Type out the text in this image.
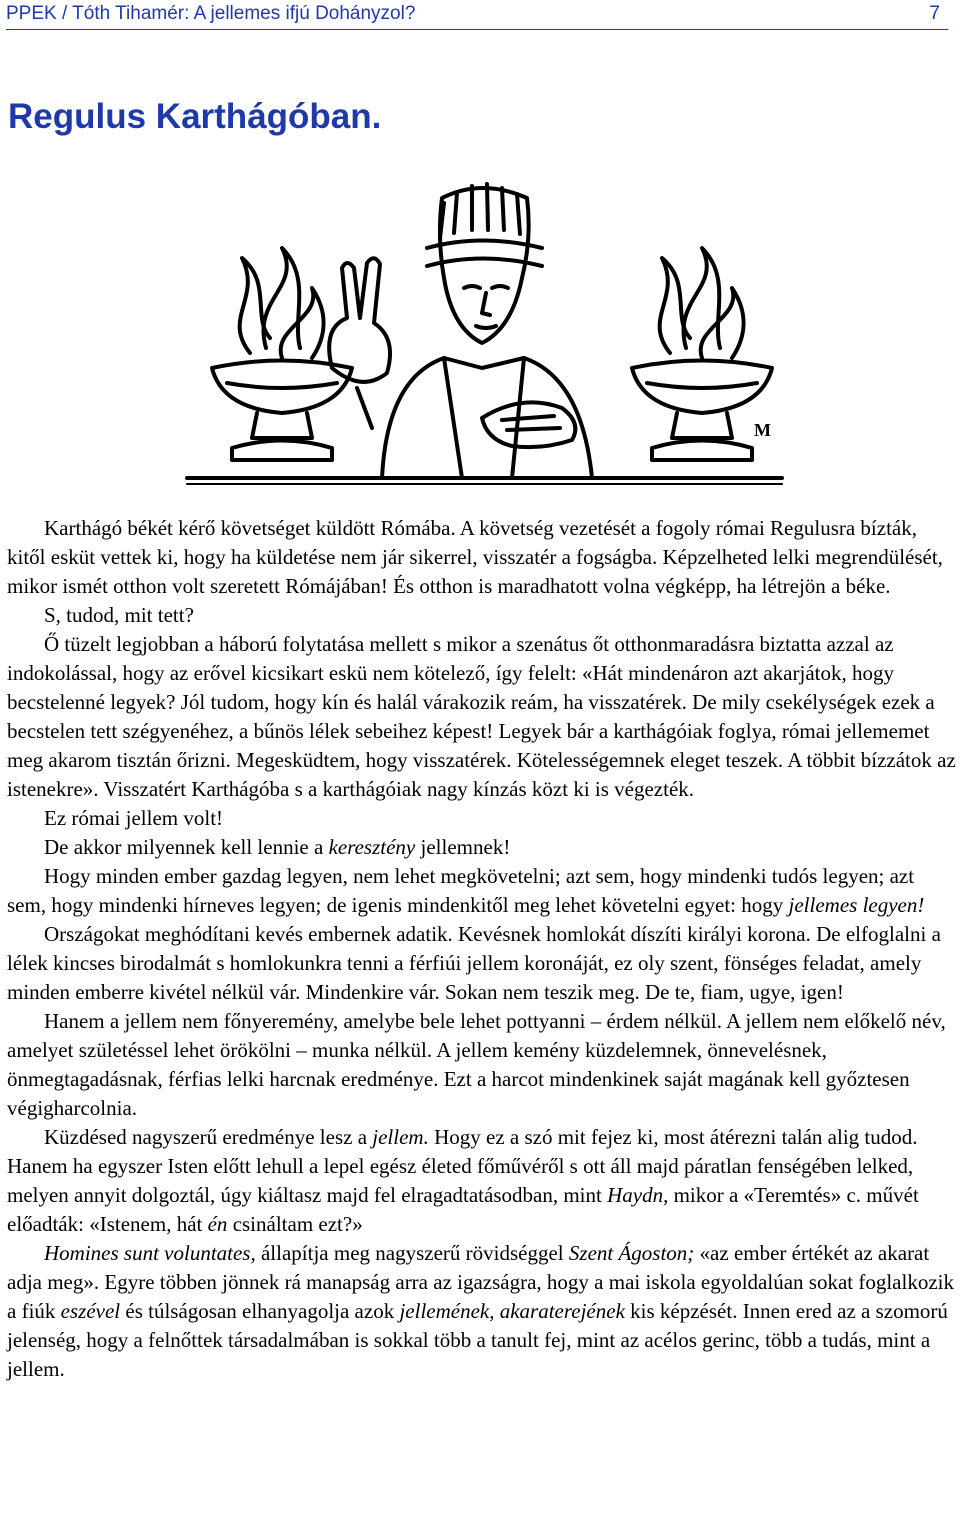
PPEK / Tóth Tihamér: A jellemes ifjú Dohányzol?	7
Regulus Karthágóban.
M

Karthágó békét kérő követséget küldött Rómába. A követség vezetését a fogoly római Regulusra bízták, kitől esküt vettek ki, hogy ha küldetése nem jár sikerrel, visszatér a fogságba. Képzelheted lelki megrendülését, mikor ismét otthon volt szeretett Rómájában! És otthon is maradhatott volna végképp, ha létrejön a béke.

S, tudod, mit tett?

Ő tüzelt legjobban a háború folytatása mellett s mikor a szenátus őt otthonmaradásra biztatta azzal az indokolással, hogy az erővel kicsikart eskü nem kötelező, így felelt: «Hát mindenáron azt akarjátok, hogy becstelenné legyek? Jól tudom, hogy kín és halál várakozik reám, ha visszatérek. De mily csekélységek ezek a becstelen tett szégyenéhez, a bűnös lélek sebeihez képest! Legyek bár a karthágóiak foglya, római jellememet meg akarom tisztán őrizni. Megesküdtem, hogy visszatérek. Kötelességemnek eleget teszek. A többit bízzátok az istenekre». Visszatért Karthágóba s a karthágóiak nagy kínzás közt ki is végezték.

Ez római jellem volt!

De akkor milyennek kell lennie a keresztény jellemnek!

Hogy minden ember gazdag legyen, nem lehet megkövetelni; azt sem, hogy mindenki tudós legyen; azt sem, hogy mindenki hírneves legyen; de igenis mindenkitől meg lehet követelni egyet: hogy jellemes legyen!

Országokat meghódítani kevés embernek adatik. Kevésnek homlokát díszíti királyi korona. De elfoglalni a lélek kincses birodalmát s homlokunkra tenni a férfiúi jellem koronáját, ez oly szent, fönséges feladat, amely minden emberre kivétel nélkül vár. Mindenkire vár. Sokan nem teszik meg. De te, fiam, ugye, igen!

Hanem a jellem nem főnyeremény, amelybe bele lehet pottyanni – érdem nélkül. A jellem nem előkelő név, amelyet születéssel lehet örökölni – munka nélkül. A jellem kemény küzdelemnek, önnevelésnek, önmegtagadásnak, férfias lelki harcnak eredménye. Ezt a harcot mindenkinek saját magának kell győztesen végigharcolnia.

Küzdésed nagyszerű eredménye lesz a jellem. Hogy ez a szó mit fejez ki, most átérezni talán alig tudod. Hanem ha egyszer Isten előtt lehull a lepel egész életed főművéről s ott áll majd páratlan fenségében lelked, melyen annyit dolgoztál, úgy kiáltasz majd fel elragadtatásodban, mint Haydn, mikor a «Teremtés» c. művét előadták: «Istenem, hát én csináltam ezt?»

Homines sunt voluntates, állapítja meg nagyszerű rövidséggel Szent Ágoston; «az ember értékét az akarat adja meg». Egyre többen jönnek rá manapság arra az igazságra, hogy a mai iskola egyoldalúan sokat foglalkozik a fiúk eszével és túlságosan elhanyagolja azok jellemének, akaraterejének kis képzését. Innen ered az a szomorú jelenség, hogy a felnőttek társadalmában is sokkal több a tanult fej, mint az acélos gerinc, több a tudás, mint a jellem.
